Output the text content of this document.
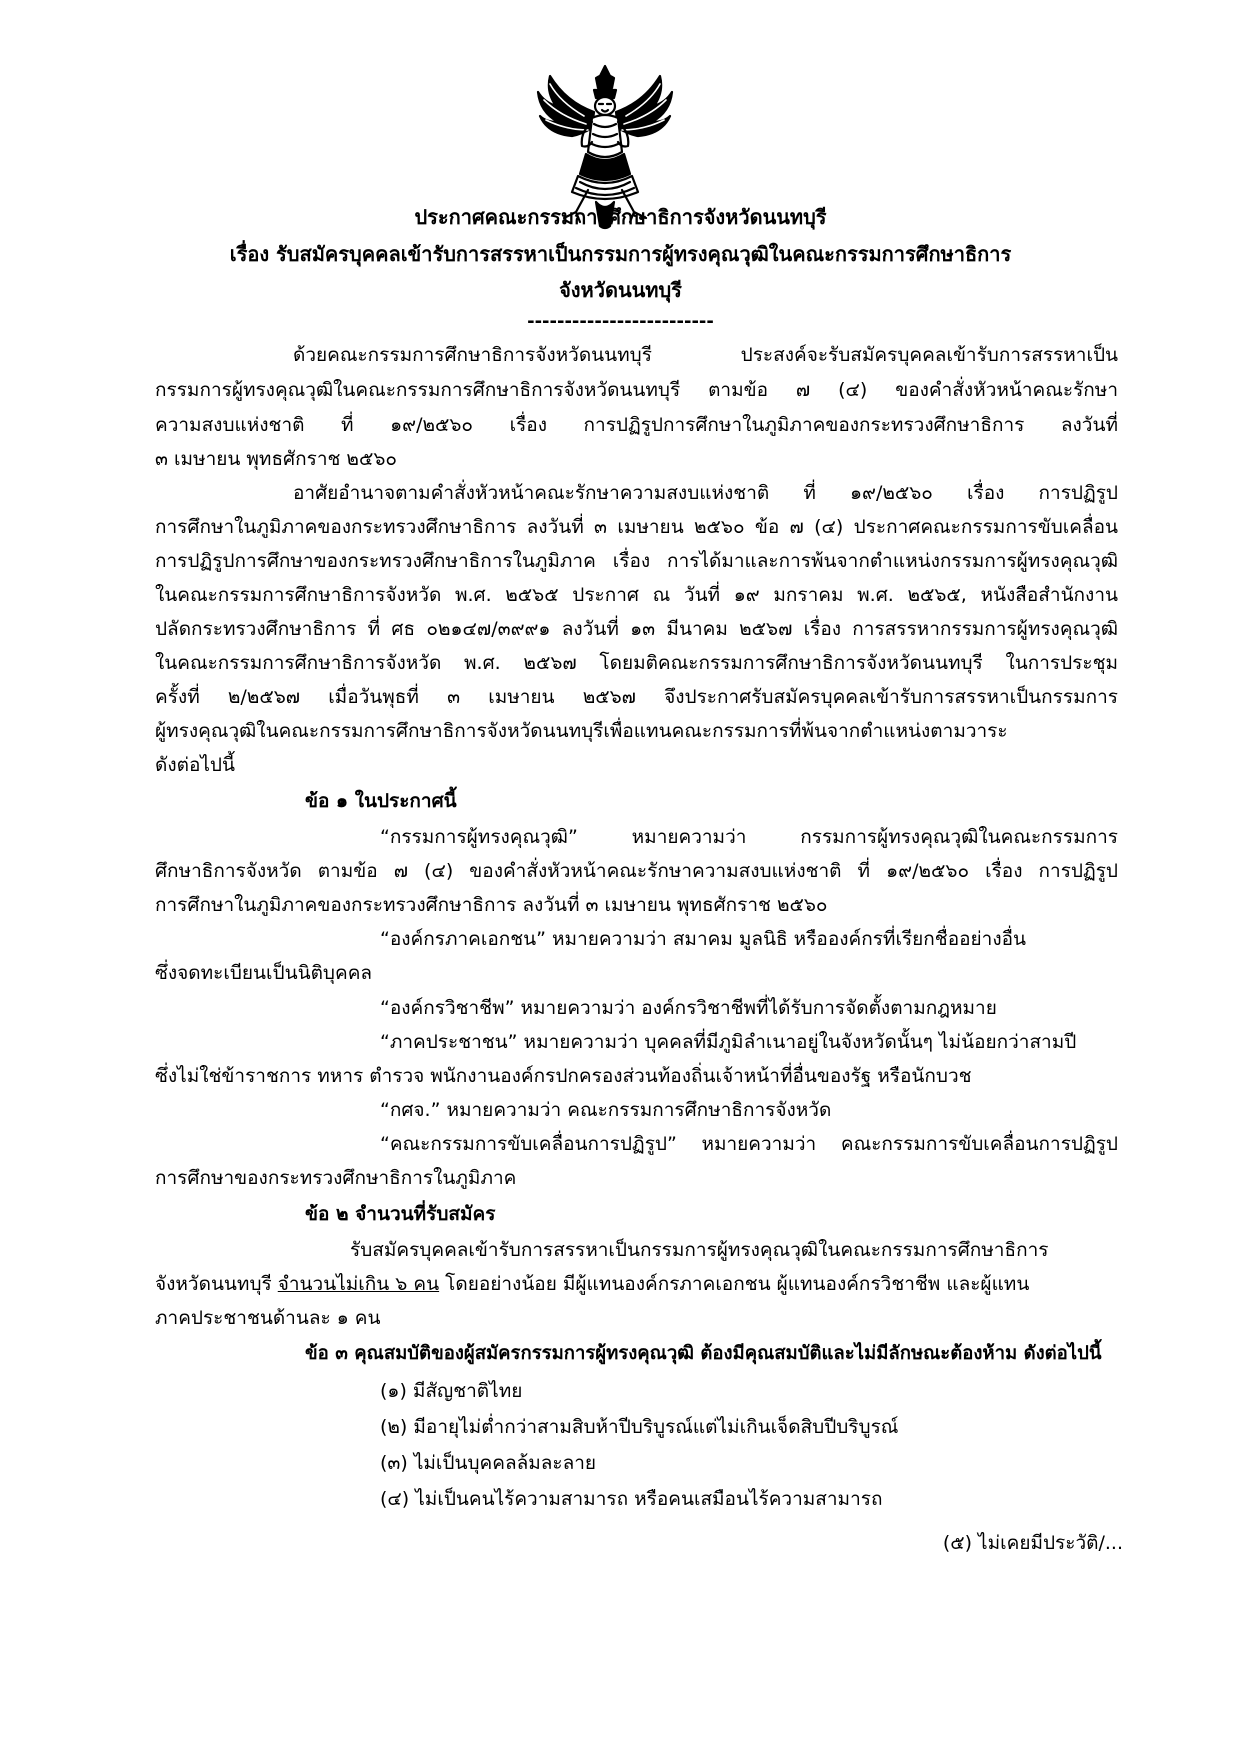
ประกาศคณะกรรมการศึกษาธิการจังหวัดนนทบุรี
เรื่อง รับสมัครบุคคลเข้ารับการสรรหาเป็นกรรมการผู้ทรงคุณวุฒิในคณะกรรมการศึกษาธิการ
จังหวัดนนทบุรี
-------------------------
ด้วยคณะกรรมการศึกษาธิการจังหวัดนนทบุรี ประสงค์จะรับสมัครบุคคลเข้ารับการสรรหาเป็น
กรรมการผู้ทรงคุณวุฒิในคณะกรรมการศึกษาธิการจังหวัดนนทบุรี ตามข้อ ๗ (๔) ของคำสั่งหัวหน้าคณะรักษา
ความสงบแห่งชาติ ที่ ๑๙/๒๕๖๐ เรื่อง การปฏิรูปการศึกษาในภูมิภาคของกระทรวงศึกษาธิการ ลงวันที่
๓ เมษายน พุทธศักราช ๒๕๖๐
อาศัยอำนาจตามคำสั่งหัวหน้าคณะรักษาความสงบแห่งชาติ ที่ ๑๙/๒๕๖๐ เรื่อง การปฏิรูป
การศึกษาในภูมิภาคของกระทรวงศึกษาธิการ ลงวันที่ ๓ เมษายน ๒๕๖๐ ข้อ ๗ (๔) ประกาศคณะกรรมการขับเคลื่อน
การปฏิรูปการศึกษาของกระทรวงศึกษาธิการในภูมิภาค เรื่อง การได้มาและการพ้นจากตำแหน่งกรรมการผู้ทรงคุณวุฒิ
ในคณะกรรมการศึกษาธิการจังหวัด พ.ศ. ๒๕๖๕ ประกาศ ณ วันที่ ๑๙ มกราคม พ.ศ. ๒๕๖๕, หนังสือสำนักงาน
ปลัดกระทรวงศึกษาธิการ ที่ ศธ ๐๒๑๔๗/๓๙๙๑ ลงวันที่ ๑๓ มีนาคม ๒๕๖๗ เรื่อง การสรรหากรรมการผู้ทรงคุณวุฒิ
ในคณะกรรมการศึกษาธิการจังหวัด พ.ศ. ๒๕๖๗ โดยมติคณะกรรมการศึกษาธิการจังหวัดนนทบุรี ในการประชุม
ครั้งที่ ๒/๒๕๖๗ เมื่อวันพุธที่ ๓ เมษายน ๒๕๖๗ จึงประกาศรับสมัครบุคคลเข้ารับการสรรหาเป็นกรรมการ
ผู้ทรงคุณวุฒิในคณะกรรมการศึกษาธิการจังหวัดนนทบุรีเพื่อแทนคณะกรรมการที่พ้นจากตำแหน่งตามวาระ
ดังต่อไปนี้
ข้อ ๑ ในประกาศนี้
“กรรมการผู้ทรงคุณวุฒิ” หมายความว่า กรรมการผู้ทรงคุณวุฒิในคณะกรรมการ
ศึกษาธิการจังหวัด ตามข้อ ๗ (๔) ของคำสั่งหัวหน้าคณะรักษาความสงบแห่งชาติ ที่ ๑๙/๒๕๖๐ เรื่อง การปฏิรูป
การศึกษาในภูมิภาคของกระทรวงศึกษาธิการ ลงวันที่ ๓ เมษายน พุทธศักราช ๒๕๖๐
“องค์กรภาคเอกชน” หมายความว่า สมาคม มูลนิธิ หรือองค์กรที่เรียกชื่ออย่างอื่น
ซึ่งจดทะเบียนเป็นนิติบุคคล
“องค์กรวิชาชีพ” หมายความว่า องค์กรวิชาชีพที่ได้รับการจัดตั้งตามกฎหมาย
“ภาคประชาชน” หมายความว่า บุคคลที่มีภูมิลำเนาอยู่ในจังหวัดนั้นๆ ไม่น้อยกว่าสามปี
ซึ่งไม่ใช่ข้าราชการ ทหาร ตำรวจ พนักงานองค์กรปกครองส่วนท้องถิ่นเจ้าหน้าที่อื่นของรัฐ หรือนักบวช
“กศจ.” หมายความว่า คณะกรรมการศึกษาธิการจังหวัด
“คณะกรรมการขับเคลื่อนการปฏิรูป” หมายความว่า คณะกรรมการขับเคลื่อนการปฏิรูป
การศึกษาของกระทรวงศึกษาธิการในภูมิภาค
ข้อ ๒ จำนวนที่รับสมัคร
รับสมัครบุคคลเข้ารับการสรรหาเป็นกรรมการผู้ทรงคุณวุฒิในคณะกรรมการศึกษาธิการ
จังหวัดนนทบุรี จำนวนไม่เกิน ๖ คน โดยอย่างน้อย มีผู้แทนองค์กรภาคเอกชน ผู้แทนองค์กรวิชาชีพ และผู้แทน
ภาคประชาชนด้านละ ๑ คน
ข้อ ๓ คุณสมบัติของผู้สมัครกรรมการผู้ทรงคุณวุฒิ ต้องมีคุณสมบัติและไม่มีลักษณะต้องห้าม ดังต่อไปนี้
(๑) มีสัญชาติไทย
(๒) มีอายุไม่ต่ำกว่าสามสิบห้าปีบริบูรณ์แต่ไม่เกินเจ็ดสิบปีบริบูรณ์
(๓) ไม่เป็นบุคคลล้มละลาย
(๔) ไม่เป็นคนไร้ความสามารถ หรือคนเสมือนไร้ความสามารถ
(๕) ไม่เคยมีประวัติ/...
